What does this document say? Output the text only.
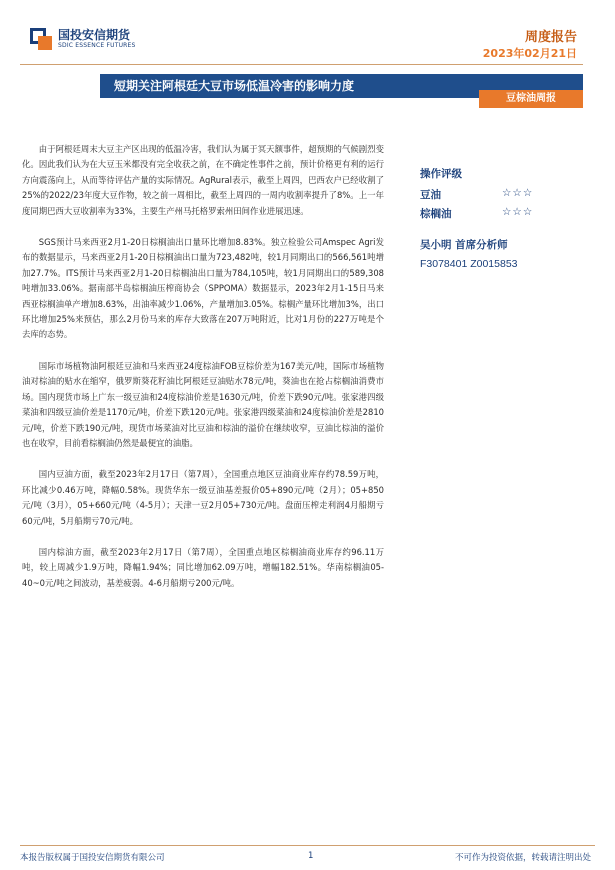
国投安信期货
SDIC ESSENCE FUTURES
周度报告
2023年02月21日
短期关注阿根廷大豆市场低温冷害的影响力度
豆棕油周报

由于阿根廷周末大豆主产区出现的低温冷害，我们认为属于冥天额事件，超预期的气候剧烈变化。因此我们认为在大豆玉米都没有完全收获之前，在不确定性事件之前，预计价格更有利的运行方向震荡向上，从而等待评估产量的实际情况。AgRural表示，截至上周四，巴西农户已经收割了25%的2022/23年度大豆作物，较之前一周相比，截至上周四的一周内收割率提升了8%。上一年度同期巴西大豆收割率为33%，主要生产州马托格罗索州田间作业进展迅速。

SGS预计马来西亚2月1-20日棕榈油出口量环比增加8.83%。独立检验公司Amspec Agri发布的数据显示，马来西亚2月1-20日棕榈油出口量为723,482吨，较1月同期出口的566,561吨增加27.7%。ITS预计马来西亚2月1-20日棕榈油出口量为784,105吨，较1月同期出口的589,308吨增加33.06%。据南部半岛棕榈油压榨商协会（SPPOMA）数据显示，2023年2月1-15日马来西亚棕榈油单产增加8.63%，出油率减少1.06%，产量增加3.05%。棕榈产量环比增加3%，出口环比增加25%来预估，那么2月份马来的库存大致落在207万吨附近，比对1月份的227万吨是个去库的态势。

国际市场植物油阿根廷豆油和马来西亚24度棕油FOB豆棕价差为167美元/吨，国际市场植物油对棕油的贴水在缩窄，俄罗斯葵花籽油比阿根廷豆油贴水78元/吨，葵油也在抢占棕榈油消费市场。国内现货市场上广东一级豆油和24度棕油价差是1630元/吨，价差下跌90元/吨。张家港四级菜油和四级豆油价差是1170元/吨，价差下跌120元/吨。张家港四级菜油和24度棕油价差是2810元/吨，价差下跌190元/吨，现货市场菜油对比豆油和棕油的溢价在继续收窄，豆油比棕油的溢价也在收窄，目前看棕榈油仍然是最便宜的油脂。

国内豆油方面，截至2023年2月17日（第7周），全国重点地区豆油商业库存约78.59万吨，环比减少0.46万吨，降幅0.58%。现货华东一级豆油基差报价05+890元/吨（2月）；05+850元/吨（3月），05+660元/吨（4-5月）；天津一豆2月05+730元/吨。盘面压榨走利润4月船期亏60元/吨，5月船期亏70元/吨。

国内棕油方面，截至2023年2月17日（第7周），全国重点地区棕榈油商业库存约96.11万吨，较上周减少1.9万吨，降幅1.94%；同比增加62.09万吨，增幅182.51%。华南棕榈油05-40~0元/吨之间波动，基差疲弱。4-6月船期亏200元/吨。

操作评级
豆油	☆☆☆
棕榈油	☆☆☆
吴小明 首席分析师
F3078401 Z0015853
本报告版权属于国投安信期货有限公司	1	不可作为投资依据，转载请注明出处
